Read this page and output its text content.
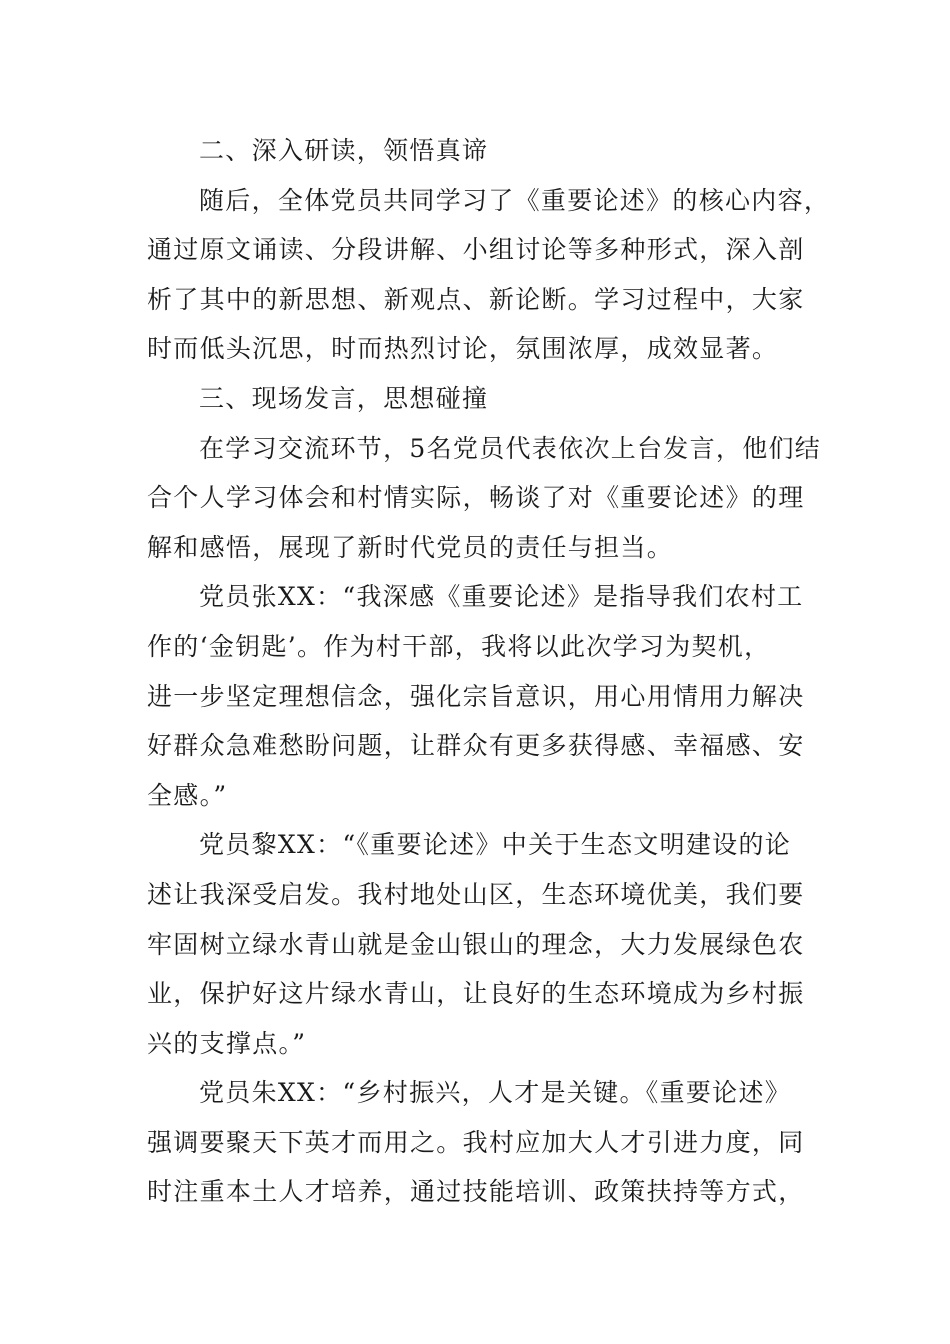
二、深入研读，领悟真谛
随后，全体党员共同学习了《重要论述》的核心内容，
通过原文诵读、分段讲解、小组讨论等多种形式，深入剖
析了其中的新思想、新观点、新论断。学习过程中，大家
时而低头沉思，时而热烈讨论，氛围浓厚，成效显著。
三、现场发言，思想碰撞
在学习交流环节，5名党员代表依次上台发言，他们结
合个人学习体会和村情实际，畅谈了对《重要论述》的理
解和感悟，展现了新时代党员的责任与担当。
党员张XX：“我深感《重要论述》是指导我们农村工
作的‘金钥匙’。作为村干部，我将以此次学习为契机，
进一步坚定理想信念，强化宗旨意识，用心用情用力解决
好群众急难愁盼问题，让群众有更多获得感、幸福感、安
全感。”
党员黎XX：“《重要论述》中关于生态文明建设的论
述让我深受启发。我村地处山区，生态环境优美，我们要
牢固树立绿水青山就是金山银山的理念，大力发展绿色农
业，保护好这片绿水青山，让良好的生态环境成为乡村振
兴的支撑点。”
党员朱XX：“乡村振兴，人才是关键。《重要论述》
强调要聚天下英才而用之。我村应加大人才引进力度，同
时注重本土人才培养，通过技能培训、政策扶持等方式，
